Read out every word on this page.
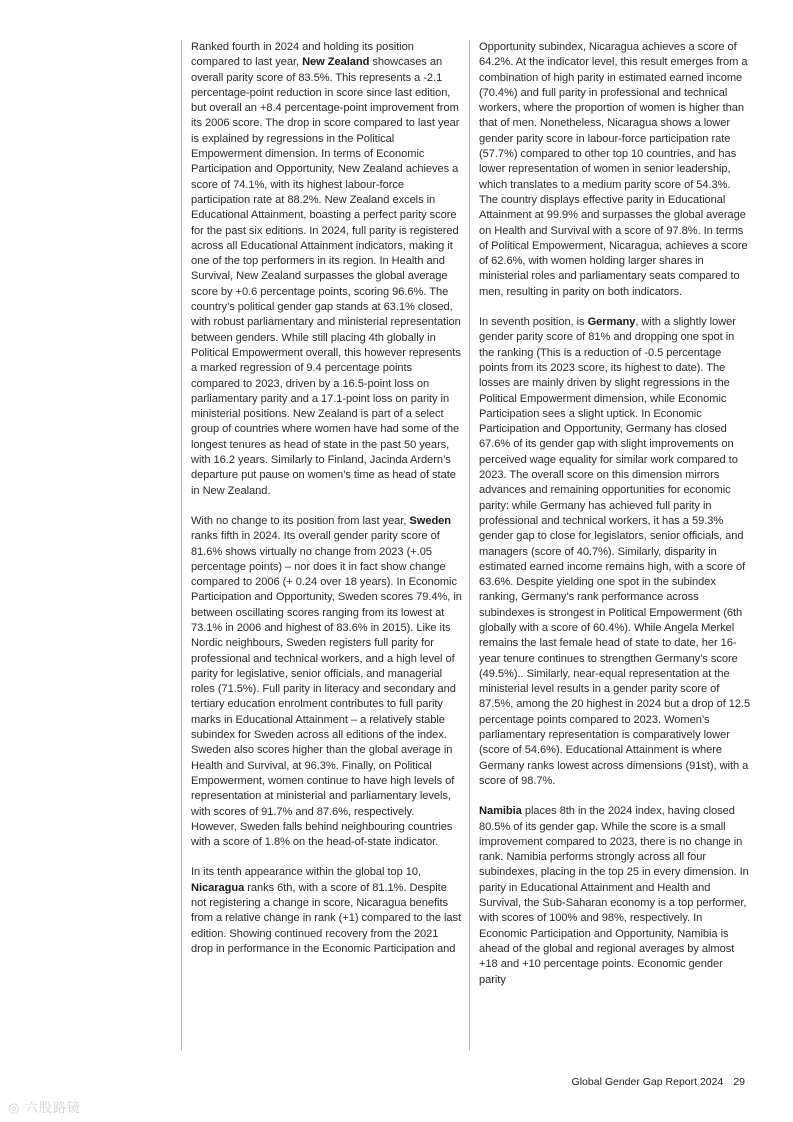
Ranked fourth in 2024 and holding its position compared to last year, New Zealand showcases an overall parity score of 83.5%. This represents a -2.1 percentage-point reduction in score since last edition, but overall an +8.4 percentage-point improvement from its 2006 score. The drop in score compared to last year is explained by regressions in the Political Empowerment dimension. In terms of Economic Participation and Opportunity, New Zealand achieves a score of 74.1%, with its highest labour-force participation rate at 88.2%. New Zealand excels in Educational Attainment, boasting a perfect parity score for the past six editions. In 2024, full parity is registered across all Educational Attainment indicators, making it one of the top performers in its region. In Health and Survival, New Zealand surpasses the global average score by +0.6 percentage points, scoring 96.6%. The country’s political gender gap stands at 63.1% closed, with robust parliamentary and ministerial representation between genders. While still placing 4th globally in Political Empowerment overall, this however represents a marked regression of 9.4 percentage points compared to 2023, driven by a 16.5-point loss on parliamentary parity and a 17.1-point loss on parity in ministerial positions. New Zealand is part of a select group of countries where women have had some of the longest tenures as head of state in the past 50 years, with 16.2 years. Similarly to Finland, Jacinda Ardern’s departure put pause on women’s time as head of state in New Zealand.

With no change to its position from last year, Sweden ranks fifth in 2024. Its overall gender parity score of 81.6% shows virtually no change from 2023 (+.05 percentage points) – nor does it in fact show change compared to 2006 (+ 0.24 over 18 years). In Economic Participation and Opportunity, Sweden scores 79.4%, in between oscillating scores ranging from its lowest at 73.1% in 2006 and highest of 83.6% in 2015). Like its Nordic neighbours, Sweden registers full parity for professional and technical workers, and a high level of parity for legislative, senior officials, and managerial roles (71.5%). Full parity in literacy and secondary and tertiary education enrolment contributes to full parity marks in Educational Attainment – a relatively stable subindex for Sweden across all editions of the index. Sweden also scores higher than the global average in Health and Survival, at 96.3%. Finally, on Political Empowerment, women continue to have high levels of representation at ministerial and parliamentary levels, with scores of 91.7% and 87.6%, respectively. However, Sweden falls behind neighbouring countries with a score of 1.8% on the head-of-state indicator.

In its tenth appearance within the global top 10, Nicaragua ranks 6th, with a score of 81.1%. Despite not registering a change in score, Nicaragua benefits from a relative change in rank (+1) compared to the last edition. Showing continued recovery from the 2021 drop in performance in the Economic Participation and

Opportunity subindex, Nicaragua achieves a score of 64.2%. At the indicator level, this result emerges from a combination of high parity in estimated earned income (70.4%) and full parity in professional and technical workers, where the proportion of women is higher than that of men. Nonetheless, Nicaragua shows a lower gender parity score in labour-force participation rate (57.7%) compared to other top 10 countries, and has lower representation of women in senior leadership, which translates to a medium parity score of 54.3%. The country displays effective parity in Educational Attainment at 99.9% and surpasses the global average on Health and Survival with a score of 97.8%. In terms of Political Empowerment, Nicaragua, achieves a score of 62.6%, with women holding larger shares in ministerial roles and parliamentary seats compared to men, resulting in parity on both indicators.

In seventh position, is Germany, with a slightly lower gender parity score of 81% and dropping one spot in the ranking (This is a reduction of -0.5 percentage points from its 2023 score, its highest to date). The losses are mainly driven by slight regressions in the Political Empowerment dimension, while Economic Participation sees a slight uptick. In Economic Participation and Opportunity, Germany has closed 67.6% of its gender gap with slight improvements on perceived wage equality for similar work compared to 2023. The overall score on this dimension mirrors advances and remaining opportunities for economic parity: while Germany has achieved full parity in professional and technical workers, it has a 59.3% gender gap to close for legislators, senior officials, and managers (score of 40.7%). Similarly, disparity in estimated earned income remains high, with a score of 63.6%. Despite yielding one spot in the subindex ranking, Germany’s rank performance across subindexes is strongest in Political Empowerment (6th globally with a score of 60.4%). While Angela Merkel remains the last female head of state to date, her 16-year tenure continues to strengthen Germany’s score (49.5%).. Similarly, near-equal representation at the ministerial level results in a gender parity score of 87.5%, among the 20 highest in 2024 but a drop of 12.5 percentage points compared to 2023. Women’s parliamentary representation is comparatively lower (score of 54.6%). Educational Attainment is where Germany ranks lowest across dimensions (91st), with a score of 98.7%.

Namibia places 8th in the 2024 index, having closed 80.5% of its gender gap. While the score is a small improvement compared to 2023, there is no change in rank. Namibia performs strongly across all four subindexes, placing in the top 25 in every dimension. In parity in Educational Attainment and Health and Survival, the Sub-Saharan economy is a top performer, with scores of 100% and 98%, respectively. In Economic Participation and Opportunity, Namibia is ahead of the global and regional averages by almost +18 and +10 percentage points. Economic gender parity

Global Gender Gap Report 2024 29
◎ 六股路镜
